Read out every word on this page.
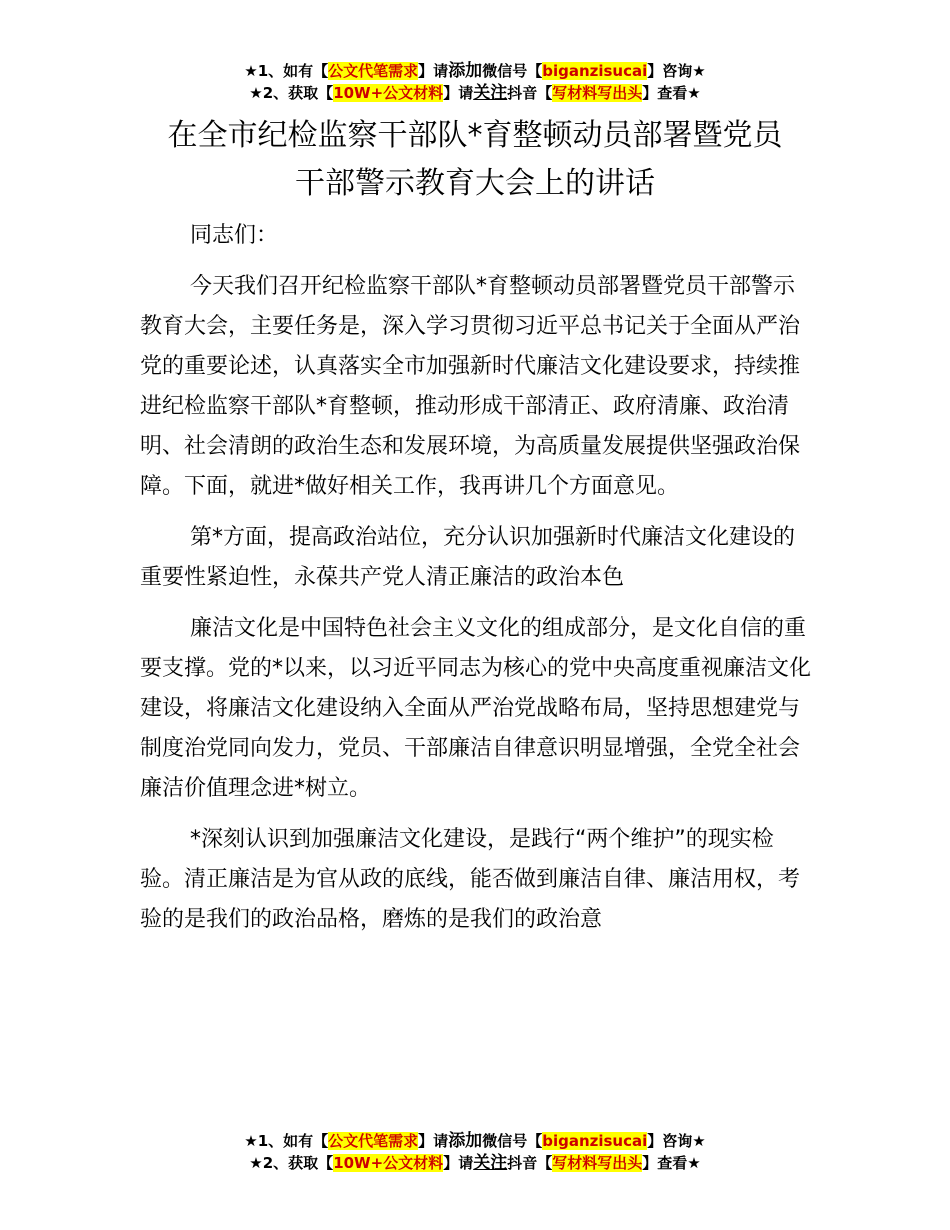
★1、如有【公文代笔需求】请添加微信号【biganzisucai】咨询★
★2、获取【10W+公文材料】请关注抖音【写材料写出头】查看★
在全市纪检监察干部队*育整顿动员部署暨党员
干部警示教育大会上的讲话

同志们：

今天我们召开纪检监察干部队*育整顿动员部署暨党员干部警示教育大会，主要任务是，深入学习贯彻习近平总书记关于全面从严治党的重要论述，认真落实全市加强新时代廉洁文化建设要求，持续推进纪检监察干部队*育整顿，推动形成干部清正、政府清廉、政治清明、社会清朗的政治生态和发展环境，为高质量发展提供坚强政治保障。下面，就进*做好相关工作，我再讲几个方面意见。

第*方面，提高政治站位，充分认识加强新时代廉洁文化建设的重要性紧迫性，永葆共产党人清正廉洁的政治本色

廉洁文化是中国特色社会主义文化的组成部分，是文化自信的重要支撑。党的*以来，以习近平同志为核心的党中央高度重视廉洁文化建设，将廉洁文化建设纳入全面从严治党战略布局，坚持思想建党与制度治党同向发力，党员、干部廉洁自律意识明显增强，全党全社会廉洁价值理念进*树立。

*深刻认识到加强廉洁文化建设，是践行“两个维护”的现实检验。清正廉洁是为官从政的底线，能否做到廉洁自律、廉洁用权，考验的是我们的政治品格，磨炼的是我们的政治意

★1、如有【公文代笔需求】请添加微信号【biganzisucai】咨询★
★2、获取【10W+公文材料】请关注抖音【写材料写出头】查看★
